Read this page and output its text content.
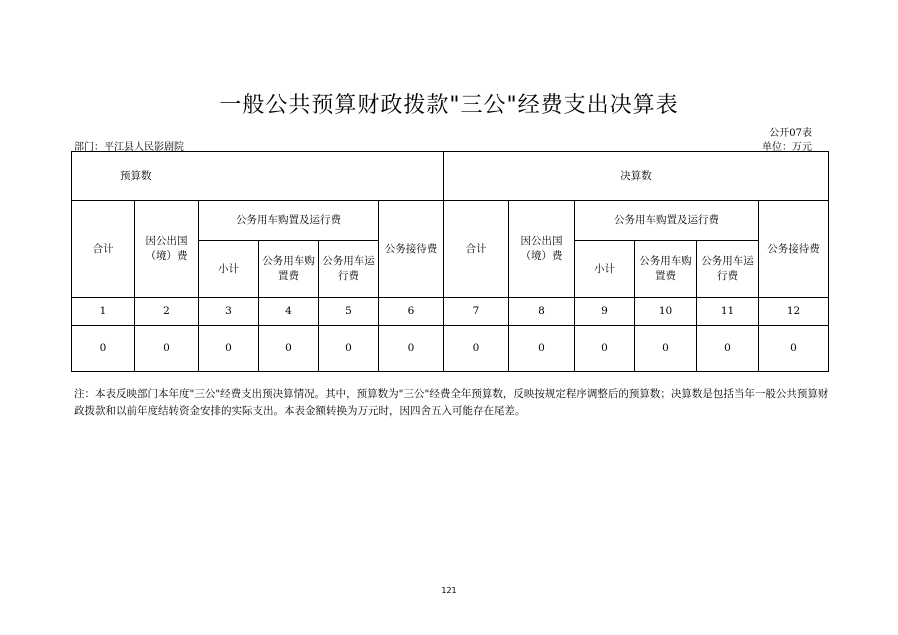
一般公共预算财政拨款"三公"经费支出决算表
公开07表
部门：平江县人民影剧院	单位：万元
预算数						决算数					
合计	因公出国（境）费	公务用车购置及运行费			公务接待费	合计	因公出国（境）费	公务用车购置及运行费			公务接待费
		小计	公务用车购置费	公务用车运行费				小计	公务用车购置费	公务用车运行费	
1	2	3	4	5	6	7	8	9	10	11	12
0	0	0	0	0	0	0	0	0	0	0	0
注：本表反映部门本年度"三公"经费支出预决算情况。其中，预算数为"三公"经费全年预算数，反映按规定程序调整后的预算数；决算数是包括当年一般公共预算财政拨款和以前年度结转资金安排的实际支出。本表金额转换为万元时，因四舍五入可能存在尾差。
121
